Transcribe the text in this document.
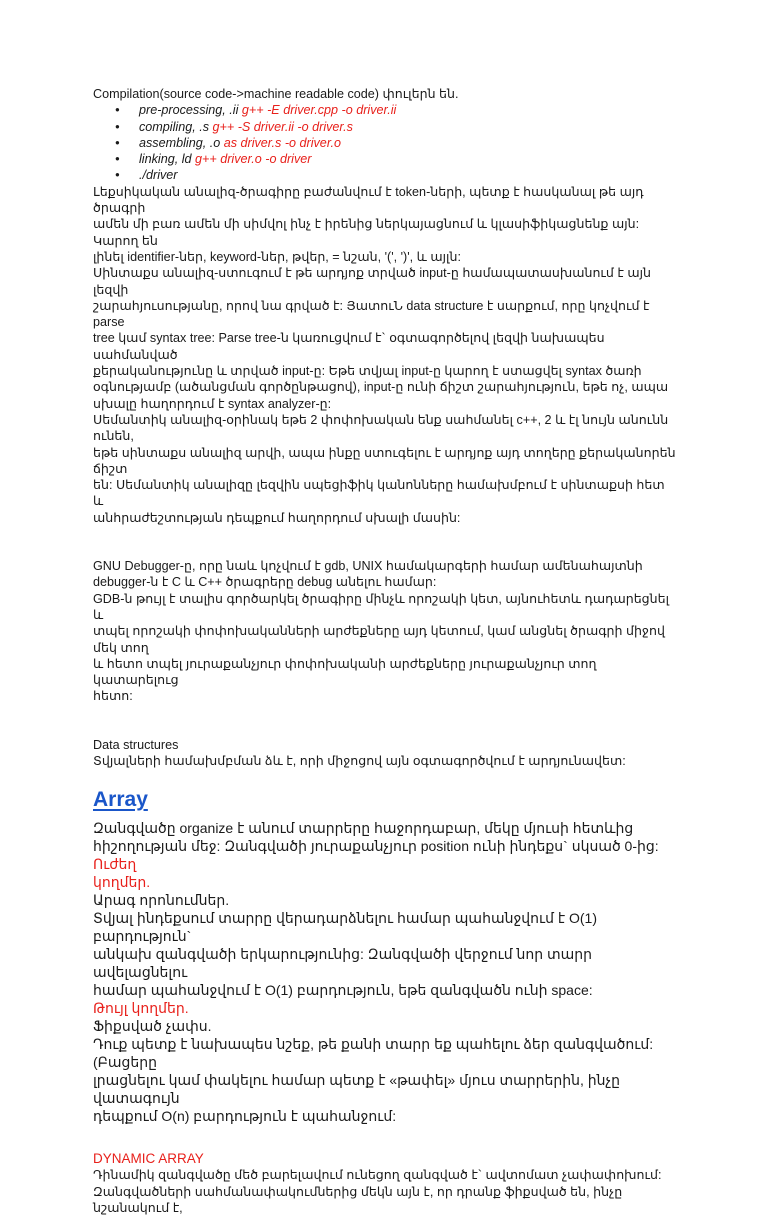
Compilation(source code->machine readable code) փուլերն են.

● pre-processing, .ii g++ -E driver.cpp -o driver.ii
● compiling, .s g++ -S driver.ii -o driver.s
● assembling, .o as driver.s -o driver.o
● linking, ld g++ driver.o -o driver
● ./driver

Լեքսիկական անալիզ-ծրագիրը բաժանվում է token-ների, պետք է հասկանալ թե այդ ծրագրի

ամեն մի բառ ամեն մի սիմվոլ ինչ է իրենից ներկայացնում և կլասիֆիկացնենք այն: Կարող են

լինել identifier-ներ, keyword-ներ, թվեր, = նշան, '(', ')', և այլն:

Սինտաքս անալիզ-ստուգում է թե արդյոք տրված input-ը համապատասխանում է այն լեզվի

շարահյուսությանը, որով նա գրված է: ՅատուՆ data structure է սարքում, որը կոչվում է parse

tree կամ syntax tree: Parse tree-ն կառուցվում է` օգտագործելով լեզվի նախապես սահմանված

քերականությունը և տրված input-ը: Եթե տվյալ input-ը կարող է ստացվել syntax ծառի

օգնությամբ (ածանցման գործընթացով), input-ը ունի ճիշտ շարահյություն, եթե ոչ, ապա

սխալը հաղորդում է syntax analyzer-ը:

Սեմանտիկ անալիզ-օրինակ եթե 2 փոփոխական ենք սահմանել c++, 2 և էլ նույն անունն ունեն,

եթե սինտաքս անալիզ արվի, ապա ինքը ստուգելու է արդյոք այդ տողերը քերականորեն ճիշտ

են: Սեմանտիկ անալիզը լեզվին սպեցիֆիկ կանոնները համախմբում է սինտաքսի հետ և

անհրաժեշտության դեպքում հաղորդում սխալի մասին:

GNU Debugger-ը, որը նաև կոչվում է gdb, UNIX համակարգերի համար ամենահայտնի

debugger-ն է C և C++ ծրագրերը debug անելու համար:

GDB-ն թույլ է տալիս գործարկել ծրագիրը մինչև որոշակի կետ, այնուհետև դադարեցնել և

տպել որոշակի փոփոխականների արժեքները այդ կետում, կամ անցնել ծրագրի միջով մեկ տող

և հետո տպել յուրաքանչյուր փոփոխականի արժեքները յուրաքանչյուր տող կատարելուց

հետո:

Data structures

Տվյալների համախմբման ձև է, որի միջոցով այն օգտագործվում է արդյունավետ:

Array

Զանգվածը organize է անում տարրերը հաջորդաբար, մեկը մյուսի հետևից

հիշողության մեջ: Զանգվածի յուրաքանչյուր position ունի ինդեքս` սկսած 0-ից: Ուժեղ

կողմեր.

Արագ որոնումներ.

Տվյալ ինդեքսում տարրը վերադարձնելու համար պահանջվում է O(1) բարդություն`

անկախ զանգվածի երկարությունից: Զանգվածի վերջում նոր տարր ավելացնելու

համար պահանջվում է O(1) բարդություն, եթե զանգվածն ունի space:

Թույլ կողմեր.

Ֆիքսված չափս.

Դուք պետք է նախապես նշեք, թե քանի տարր եք պահելու ձեր զանգվածում: (Բացերը

լրացնելու կամ փակելու համար պետք է «թափել» մյուս տարրերին, ինչը վատագույն

դեպքում O(n) բարդություն է պահանջում:

DYNAMIC ARRAY

Դինամիկ զանգվածը մեծ բարելավում ունեցող զանգված է` ավտոմատ չափափոխում:

Զանգվածների սահմանափակումներից մեկն այն է, որ դրանք ֆիքսված են, ինչը նշանակում է,
